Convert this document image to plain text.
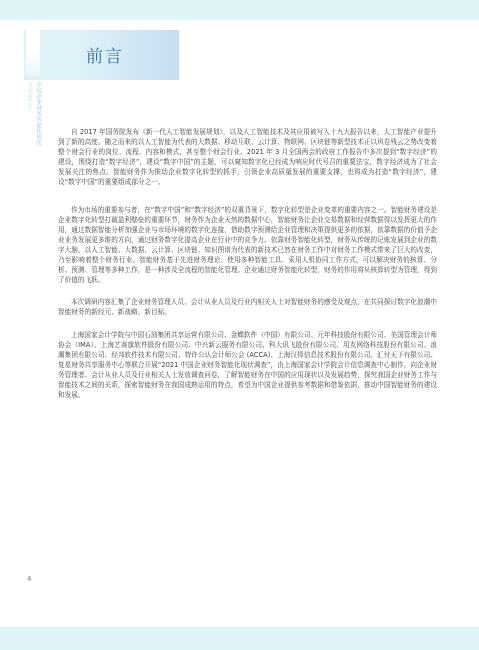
前言
中国企业财务智能化现状
2021调研报告

自 2017 年国务院发布《新一代人工智能发展规划》，以及人工智能技术及其应用被写入十九大报告以来，人工智能产业提升到了新的高度。随之而来的以人工智能为代表的大数据、移动互联、云计算、物联网、区块链等新型技术正以风卷残云之势改变着整个财会行业的岗位、流程、内容和模式，甚至整个财会行业。2021 年 3 月全国两会的政府工作报告中多次提到“数字经济”的建设，围绕打造“数字经济”，建设“数字中国”的主题，可以窥知数字化已经成为响应时代号召的重要法宝，数字经济成为了社会发展关注的焦点。智能财务作为推动企业数字化转型的抓手，引领企业高质量发展的重要支撑，也将成为打造“数字经济”，建设“数字中国”的重要组成部分之一。

作为市场的重要参与者，在“数字中国”和“数字经济”的双重背景下，数字化转型是企业变革的重要内容之一。智能财务建设是企业数字化转型打破盈利壁垒的重要环节，财务作为企业天然的数据中心，智能财务让企业交易数据和经营数据得以发挥更大的作用，通过数据智能分析加强企业与市场环境的数字化连接，借助数字预测给企业管理和决策提供更多的依据，依靠数据的价值予企业业务发展更多维的方向，通过财务数字化提高企业在行业中的竞争力。依靠财务智能化转型，财务从传统的记账发展到企业的数字大脑，以人工智能、大数据、云计算、区块链、知识图谱为代表的新技术已然在财务工作中对财务工作模式带来了巨大的改变，乃至影响着整个财务行业。智能财务基于先进财务理论、使用多种智能工具、采用人机协同工作方式，可以解决财务的核算、分析、预测、管理等多种工作，是一种涉及全流程的智能化管理。企业通过财务智能化转型，财务的作用将从核算转型为管理，得到了价值的飞跃。

本次调研内容汇集了企业财务管理人员、会计从业人员及行业内相关人士对智能财务的感受及观点，在共同探讨数字化浪潮中智能财务的新经元、新战略、新目标。

上海国家会计学院与中国石油集团共享运营有限公司、金蝶软件（中国）有限公司、元年科技股份有限公司、美国管理会计师协会（IMA）、上海艺赛旗软件股份有限公司、中兴新云服务有限公司、科大讯飞股份有限公司、用友网络科技股份有限公司、浪潮集团有限公司、经邦软件技术有限公司、特许公认会计师公会 (ACCA)、上海汉得信息技术股份有限公司、汇付天下有限公司、复星财务共享服务中心等联合开展“2021 中国企业财务智能化现状调查”，由上海国家会计学院会计信息调查中心制作，向企业财务管理者、会计从业人员及行业相关人士发放调查问卷，了解智能财务在中国的应用现状以及发展趋势，探究我国企业财务工作与智能技术之间的关系，探索智能财务在我国成熟运用的特点，希望为中国企业提供参考数据和借鉴依据，推动中国智能财务的建设和发展。

4
